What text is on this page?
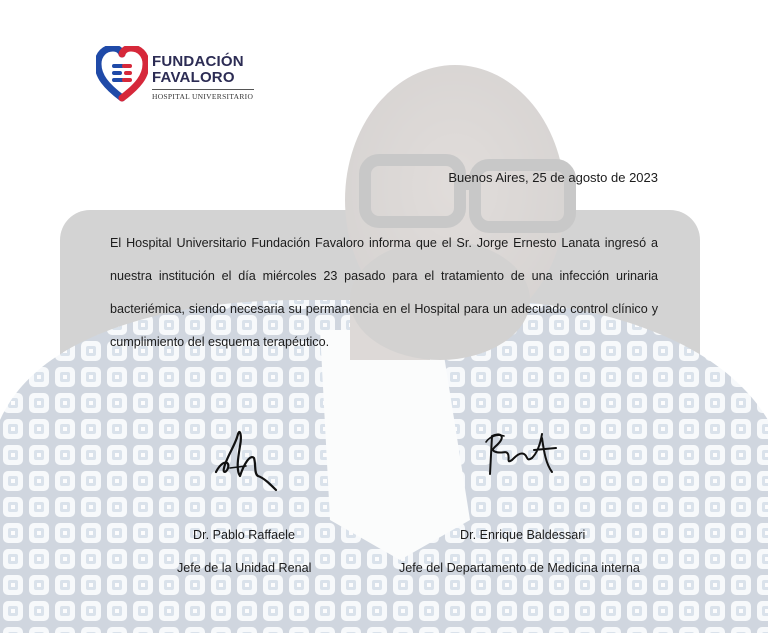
FUNDACIÓN
FAVALORO
HOSPITAL UNIVERSITARIO
Buenos Aires, 25 de agosto de 2023
El Hospital Universitario Fundación Favaloro informa que el Sr. Jorge Ernesto Lanata ingresó a nuestra institución el día miércoles 23 pasado para el tratamiento de una infección urinaria bacteriémica, siendo necesaria su permanencia en el Hospital para un adecuado control clínico y cumplimiento del esquema terapéutico.
Dr. Pablo Raffaele
Jefe de la Unidad Renal
Dr. Enrique Baldessari
Jefe del Departamento de Medicina interna
